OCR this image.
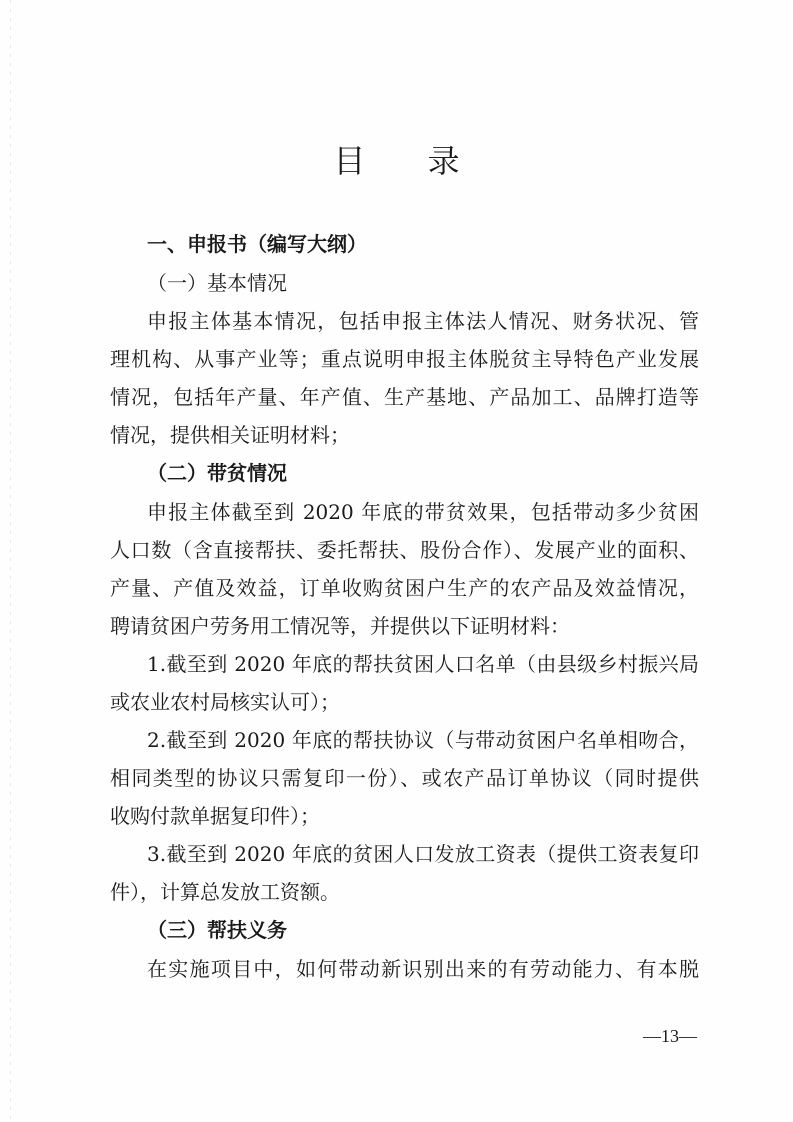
目 录
一、申报书（编写大纲）
（一）基本情况
申报主体基本情况，包括申报主体法人情况、财务状况、管
理机构、从事产业等；重点说明申报主体脱贫主导特色产业发展
情况，包括年产量、年产值、生产基地、产品加工、品牌打造等
情况，提供相关证明材料；
（二）带贫情况
申报主体截至到 2020 年底的带贫效果，包括带动多少贫困
人口数（含直接帮扶、委托帮扶、股份合作）、发展产业的面积、
产量、产值及效益，订单收购贫困户生产的农产品及效益情况，
聘请贫困户劳务用工情况等，并提供以下证明材料：
1.截至到 2020 年底的帮扶贫困人口名单（由县级乡村振兴局
或农业农村局核实认可）；
2.截至到 2020 年底的帮扶协议（与带动贫困户名单相吻合，
相同类型的协议只需复印一份）、或农产品订单协议（同时提供
收购付款单据复印件）；
3.截至到 2020 年底的贫困人口发放工资表（提供工资表复印
件），计算总发放工资额。
（三）帮扶义务
在实施项目中，如何带动新识别出来的有劳动能力、有本脱
—13—
